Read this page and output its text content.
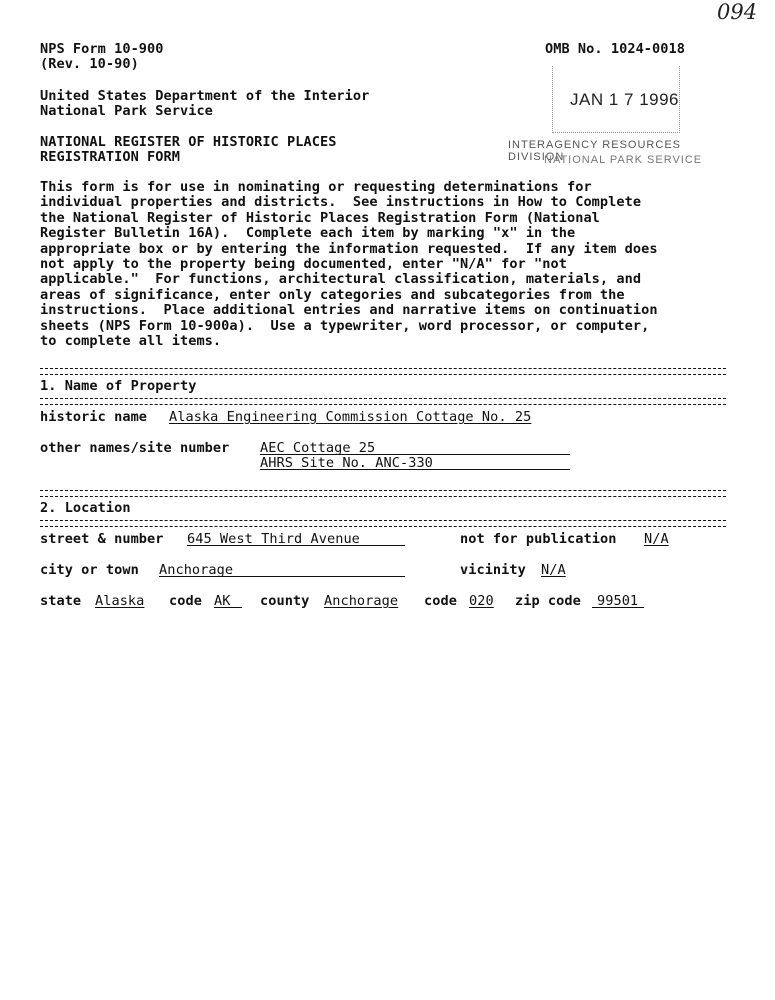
094
NPS Form 10-900
(Rev. 10-90)
OMB No. 1024-0018
United States Department of the Interior
National Park Service
NATIONAL REGISTER OF HISTORIC PLACES
REGISTRATION FORM
JAN 1 7 1996
INTERAGENCY RESOURCES DIVISION
NATIONAL PARK SERVICE
This form is for use in nominating or requesting determinations for
individual properties and districts.  See instructions in How to Complete
the National Register of Historic Places Registration Form (National
Register Bulletin 16A).  Complete each item by marking "x" in the
appropriate box or by entering the information requested.  If any item does
not apply to the property being documented, enter "N/A" for "not
applicable."  For functions, architectural classification, materials, and
areas of significance, enter only categories and subcategories from the
instructions.  Place additional entries and narrative items on continuation
sheets (NPS Form 10-900a).  Use a typewriter, word processor, or computer,
to complete all items.
1. Name of Property
historic name Alaska Engineering Commission Cottage No. 25
other names/site number AEC Cottage 25
AHRS Site No. ANC-330
2. Location
street & number 645 West Third Avenue	not for publication N/A
city or town Anchorage	vicinity N/A
state Alaska code AK county Anchorage code 020 zip code 99501
